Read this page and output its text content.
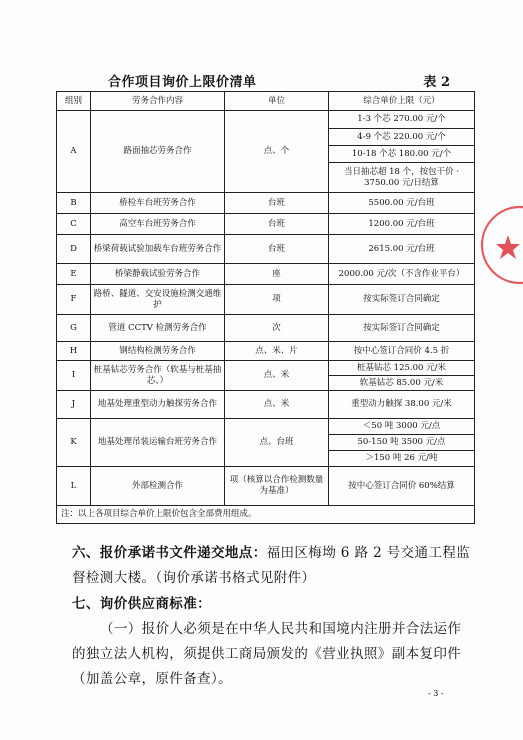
合作项目询价上限价清单	表 2
组别	劳务合作内容	单位	综合单价上限（元）
A	路面抽芯劳务合作	点、个	1-3 个芯 270.00 元/个
			4-9 个芯 220.00 元/个
			10-18 个芯 180.00 元/个
			当日抽芯超 18 个，按包干价 · 3750.00 元/日结算
B	桥检车台班劳务合作	台班	5500.00 元/台班
C	高空车台班劳务合作	台班	1200.00 元/台班
D	桥梁荷载试验加载车台班劳务合作	台班	2615.00 元/台班
E	桥梁静载试验劳务合作	座	2000.00 元/次（不含作业平台）
F	路桥、隧道、交安设施检测交通维护	项	按实际签订合同确定
G	管道 CCTV 检测劳务合作	次	按实际签订合同确定
H	钢结构检测劳务合作	点、米、片	按中心签订合同价 4.5 折
I	桩基钻芯劳务合作（软基与桩基抽芯、）	点、米	桩基钻芯 125.00 元/米
			软基钻芯 85.00 元/米
J	地基处理重型动力触探劳务合作	点、米	重型动力触探 38.00 元/米
K	地基处理吊装运输台班劳务合作	点、台班	＜50 吨 3000 元/点
			50-150 吨 3500 元/点
			＞150 吨 26 元/吨
L	外部检测合作	项（核算以合作检测数量为基准）	按中心签订合同价 60%结算
注：以上各项目综合单价上限价包含全部费用组成。			
六、报价承诺书文件递交地点：福田区梅坳 6 路 2 号交通工程监督检测大楼。（询价承诺书格式见附件）
七、询价供应商标准：
（一）报价人必须是在中华人民共和国境内注册并合法运作的独立法人机构，须提供工商局颁发的《营业执照》副本复印件（加盖公章，原件备查）。
- 3 -
